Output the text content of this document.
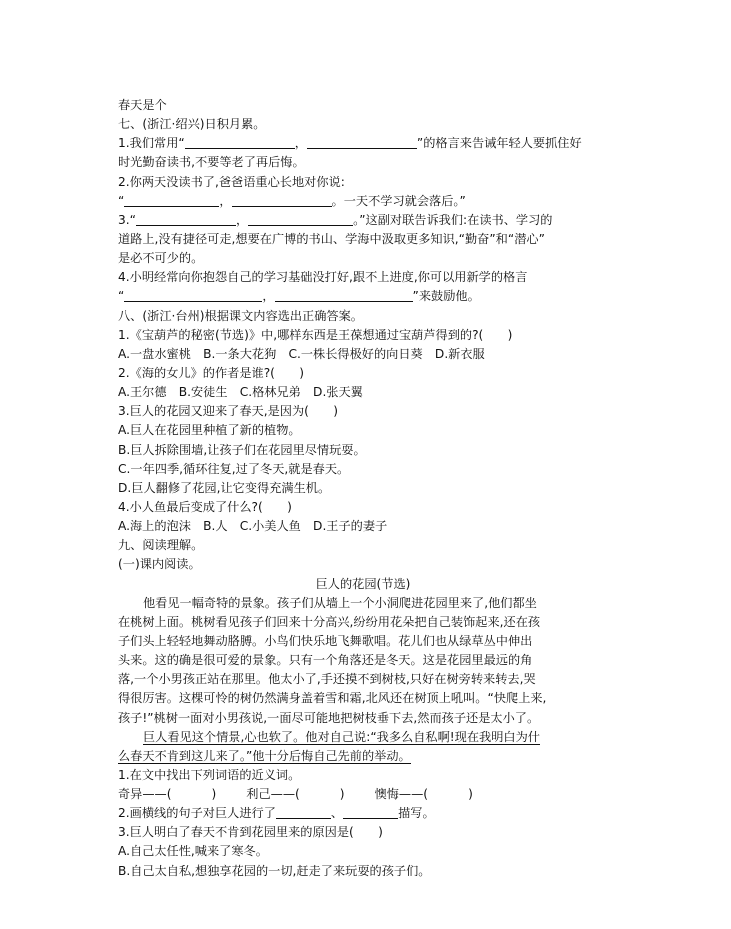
春天是个
七、(浙江·绍兴)日积月累。
1.我们常用“	，	”的格言来告诫年轻人要抓住好
时光勤奋读书,不要等老了再后悔。
2.你两天没读书了,爸爸语重心长地对你说:
“	，	。一天不学习就会落后。”
3.“	，	。”这副对联告诉我们:在读书、学习的
道路上,没有捷径可走,想要在广博的书山、学海中汲取更多知识,“勤奋”和“潜心”
是必不可少的。
4.小明经常向你抱怨自己的学习基础没打好,跟不上进度,你可以用新学的格言
“	，	”来鼓励他。
八、(浙江·台州)根据课文内容选出正确答案。
1.《宝葫芦的秘密(节选)》中,哪样东西是王葆想通过宝葫芦得到的?(　　)
A.一盘水蜜桃　B.一条大花狗　C.一株长得极好的向日葵　D.新衣服
2.《海的女儿》的作者是谁?(　　)
A.王尔德　B.安徒生　C.格林兄弟　D.张天翼
3.巨人的花园又迎来了春天,是因为(　　)
A.巨人在花园里种植了新的植物。
B.巨人拆除围墙,让孩子们在花园里尽情玩耍。
C.一年四季,循环往复,过了冬天,就是春天。
D.巨人翻修了花园,让它变得充满生机。
4.小人鱼最后变成了什么?(　　)
A.海上的泡沫　B.人　C.小美人鱼　D.王子的妻子
九、阅读理解。
(一)课内阅读。
巨人的花园(节选)
他看见一幅奇特的景象。孩子们从墙上一个小洞爬进花园里来了,他们都坐
在桃树上面。桃树看见孩子们回来十分高兴,纷纷用花朵把自己装饰起来,还在孩
子们头上轻轻地舞动胳膊。小鸟们快乐地飞舞歌唱。花儿们也从绿草丛中伸出
头来。这的确是很可爱的景象。只有一个角落还是冬天。这是花园里最远的角
落,一个小男孩正站在那里。他太小了,手还摸不到树枝,只好在树旁转来转去,哭
得很厉害。这棵可怜的树仍然满身盖着雪和霜,北风还在树顶上吼叫。“快爬上来,
孩子!”桃树一面对小男孩说,一面尽可能地把树枝垂下去,然而孩子还是太小了。
巨人看见这个情景,心也软了。他对自己说:“我多么自私啊!现在我明白为什
么春天不肯到这儿来了。”他十分后悔自己先前的举动。
1.在文中找出下列词语的近义词。
奇异——(	) 利己——(	) 懊悔——(	)
2.画横线的句子对巨人进行了	、	描写。
3.巨人明白了春天不肯到花园里来的原因是(　　)
A.自己太任性,喊来了寒冬。
B.自己太自私,想独享花园的一切,赶走了来玩耍的孩子们。
